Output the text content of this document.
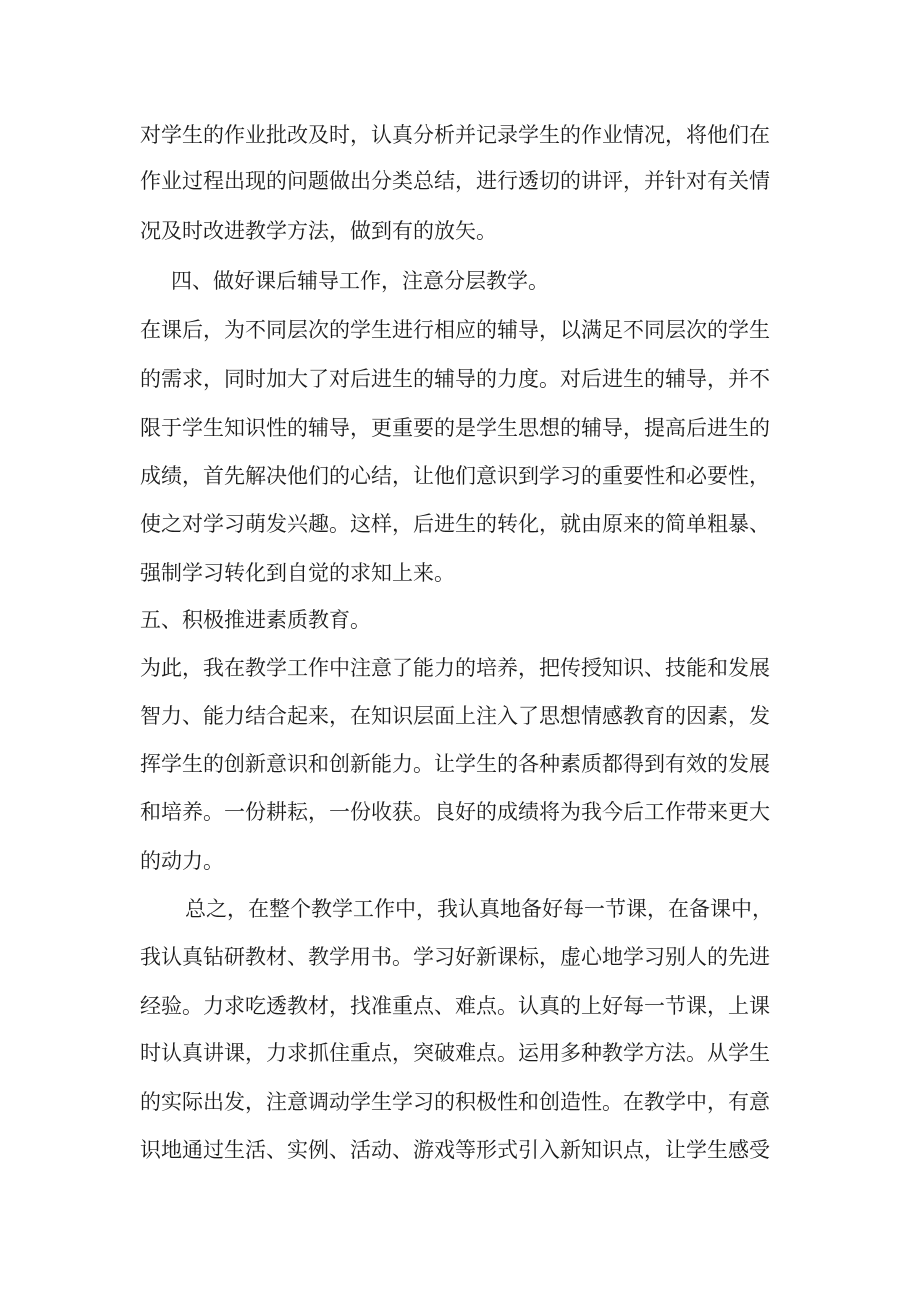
对学生的作业批改及时，认真分析并记录学生的作业情况，将他们在
作业过程出现的问题做出分类总结，进行透切的讲评，并针对有关情
况及时改进教学方法，做到有的放矢。
四、做好课后辅导工作，注意分层教学。
在课后，为不同层次的学生进行相应的辅导，以满足不同层次的学生
的需求，同时加大了对后进生的辅导的力度。对后进生的辅导，并不
限于学生知识性的辅导，更重要的是学生思想的辅导，提高后进生的
成绩，首先解决他们的心结，让他们意识到学习的重要性和必要性，
使之对学习萌发兴趣。这样，后进生的转化，就由原来的简单粗暴、
强制学习转化到自觉的求知上来。
五、积极推进素质教育。
为此，我在教学工作中注意了能力的培养，把传授知识、技能和发展
智力、能力结合起来，在知识层面上注入了思想情感教育的因素，发
挥学生的创新意识和创新能力。让学生的各种素质都得到有效的发展
和培养。一份耕耘，一份收获。良好的成绩将为我今后工作带来更大
的动力。
总之，在整个教学工作中，我认真地备好每一节课，在备课中，
我认真钻研教材、教学用书。学习好新课标，虚心地学习别人的先进
经验。力求吃透教材，找准重点、难点。认真的上好每一节课，上课
时认真讲课，力求抓住重点，突破难点。运用多种教学方法。从学生
的实际出发，注意调动学生学习的积极性和创造性。在教学中，有意
识地通过生活、实例、活动、游戏等形式引入新知识点，让学生感受
